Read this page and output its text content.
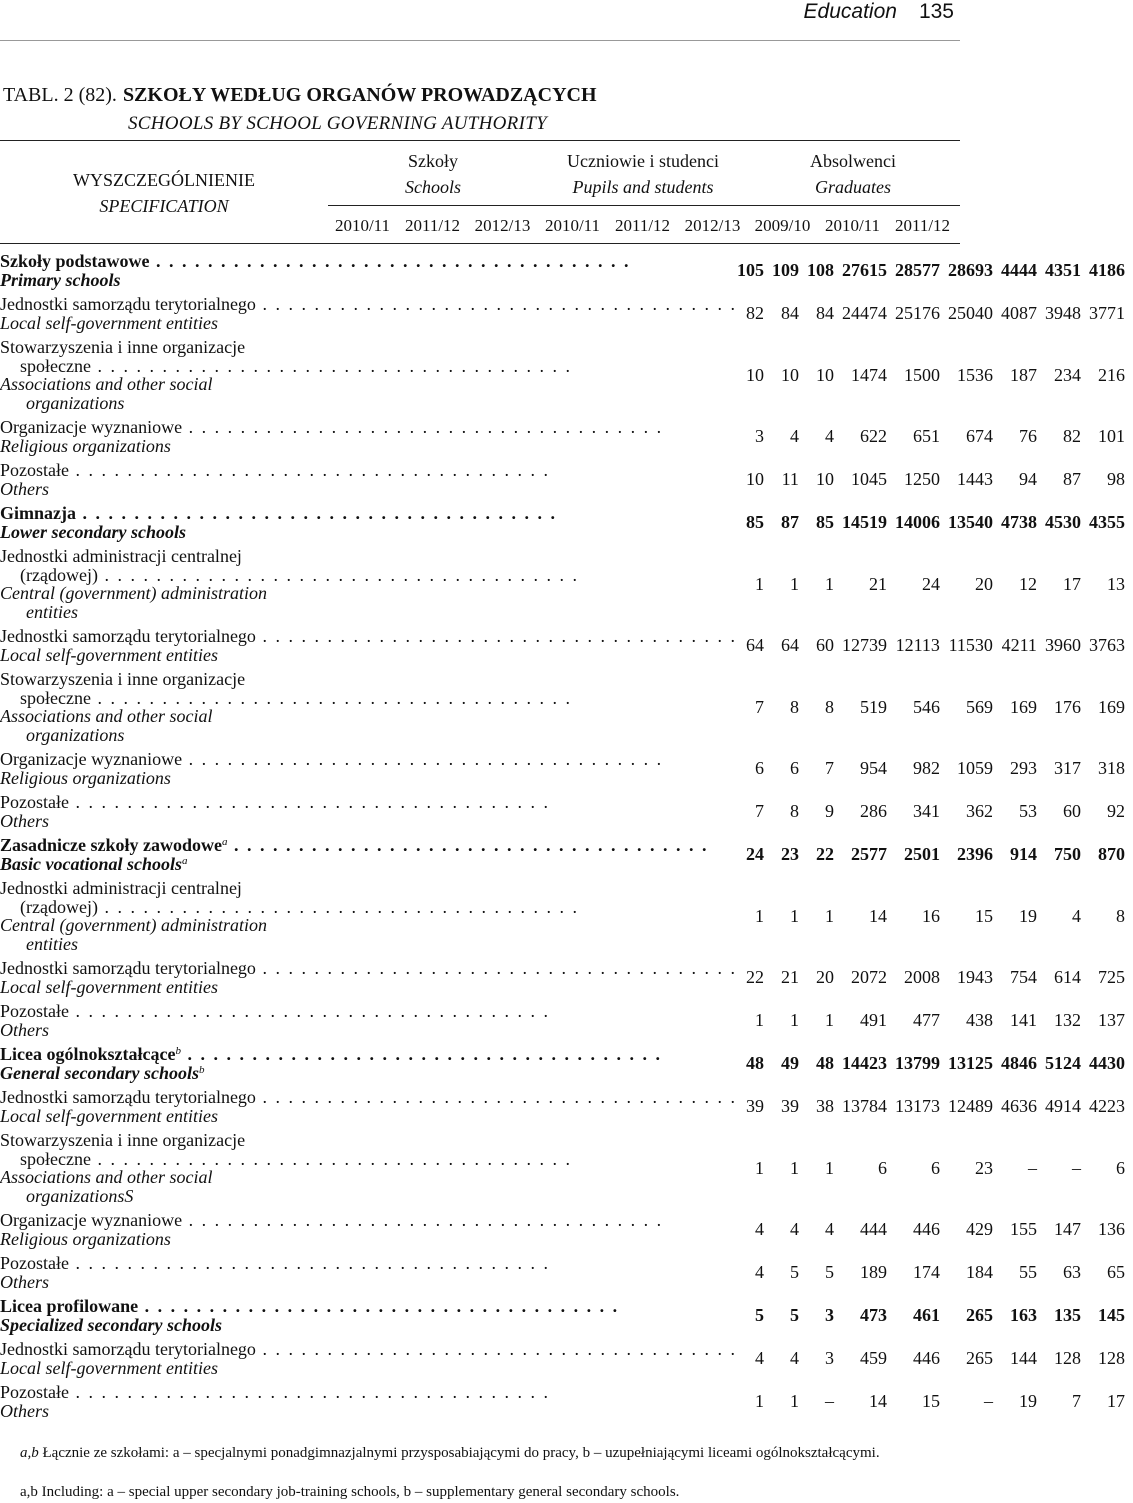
Education 135
TABL. 2 (82). SZKOŁY WEDŁUG ORGANÓW PROWADZĄCYCH
SCHOOLS BY SCHOOL GOVERNING AUTHORITY
WYSZCZEGÓLNIENIE
SPECIFICATION
Szkoły
Schools
Uczniowie i studenci
Pupils and students
Absolwenci
Graduates
2010/11 2011/12 2012/13 2010/11 2011/12 2012/13 2009/10 2010/11 2011/12
Szkoły podstawowe . . . . . . . . . . . . . . . . . . . . . . . . . . . . . . . . . . . . .
Primary schools	105	109	108	27615	28577	28693	4444	4351	4186

Jednostki samorządu terytorialnego . . . . . . . . . . . . . . . . . . . . . . . . . . . . . . . . . . . . .
Local self-government entities	82	84	84	24474	25176	25040	4087	3948	3771

Stowarzyszenia i inne organizacje
społeczne . . . . . . . . . . . . . . . . . . . . . . . . . . . . . . . . . . . . .
Associations and other social
organizations	10	10	10	1474	1500	1536	187	234	216

Organizacje wyznaniowe . . . . . . . . . . . . . . . . . . . . . . . . . . . . . . . . . . . . .
Religious organizations	3	4	4	622	651	674	76	82	101

Pozostałe . . . . . . . . . . . . . . . . . . . . . . . . . . . . . . . . . . . . .
Others	10	11	10	1045	1250	1443	94	87	98

Gimnazja . . . . . . . . . . . . . . . . . . . . . . . . . . . . . . . . . . . . .
Lower secondary schools	85	87	85	14519	14006	13540	4738	4530	4355

Jednostki administracji centralnej
(rządowej) . . . . . . . . . . . . . . . . . . . . . . . . . . . . . . . . . . . . .
Central (government) administration
entities	1	1	1	21	24	20	12	17	13

Jednostki samorządu terytorialnego . . . . . . . . . . . . . . . . . . . . . . . . . . . . . . . . . . . . .
Local self-government entities	64	64	60	12739	12113	11530	4211	3960	3763

Stowarzyszenia i inne organizacje
społeczne . . . . . . . . . . . . . . . . . . . . . . . . . . . . . . . . . . . . .
Associations and other social
organizations	7	8	8	519	546	569	169	176	169

Organizacje wyznaniowe . . . . . . . . . . . . . . . . . . . . . . . . . . . . . . . . . . . . .
Religious organizations	6	6	7	954	982	1059	293	317	318

Pozostałe . . . . . . . . . . . . . . . . . . . . . . . . . . . . . . . . . . . . .
Others	7	8	9	286	341	362	53	60	92

Zasadnicze szkoły zawodowe$^a$ . . . . . . . . . . . . . . . . . . . . . . . . . . . . . . . . . . . . .
Basic vocational schools$^a$	24	23	22	2577	2501	2396	914	750	870

Jednostki administracji centralnej
(rządowej) . . . . . . . . . . . . . . . . . . . . . . . . . . . . . . . . . . . . .
Central (government) administration
entities	1	1	1	14	16	15	19	4	8

Jednostki samorządu terytorialnego . . . . . . . . . . . . . . . . . . . . . . . . . . . . . . . . . . . . .
Local self-government entities	22	21	20	2072	2008	1943	754	614	725

Pozostałe . . . . . . . . . . . . . . . . . . . . . . . . . . . . . . . . . . . . .
Others	1	1	1	491	477	438	141	132	137

Licea ogólnokształcące$^b$ . . . . . . . . . . . . . . . . . . . . . . . . . . . . . . . . . . . . .
General secondary schools$^b$	48	49	48	14423	13799	13125	4846	5124	4430

Jednostki samorządu terytorialnego . . . . . . . . . . . . . . . . . . . . . . . . . . . . . . . . . . . . .
Local self-government entities	39	39	38	13784	13173	12489	4636	4914	4223

Stowarzyszenia i inne organizacje
społeczne . . . . . . . . . . . . . . . . . . . . . . . . . . . . . . . . . . . . .
Associations and other social
organizationsS	1	1	1	6	6	23	–	–	6

Organizacje wyznaniowe . . . . . . . . . . . . . . . . . . . . . . . . . . . . . . . . . . . . .
Religious organizations	4	4	4	444	446	429	155	147	136

Pozostałe . . . . . . . . . . . . . . . . . . . . . . . . . . . . . . . . . . . . .
Others	4	5	5	189	174	184	55	63	65

Licea profilowane . . . . . . . . . . . . . . . . . . . . . . . . . . . . . . . . . . . . .
Specialized secondary schools	5	5	3	473	461	265	163	135	145

Jednostki samorządu terytorialnego . . . . . . . . . . . . . . . . . . . . . . . . . . . . . . . . . . . . .
Local self-government entities	4	4	3	459	446	265	144	128	128

Pozostałe . . . . . . . . . . . . . . . . . . . . . . . . . . . . . . . . . . . . .
Others	1	1	–	14	15	–	19	7	17
a,b Łącznie ze szkołami: a – specjalnymi ponadgimnazjalnymi przysposabiającymi do pracy, b – uzupełniającymi liceami ogólnokształcącymi.
a,b Including: a – special upper secondary job-training schools, b – supplementary general secondary schools.
